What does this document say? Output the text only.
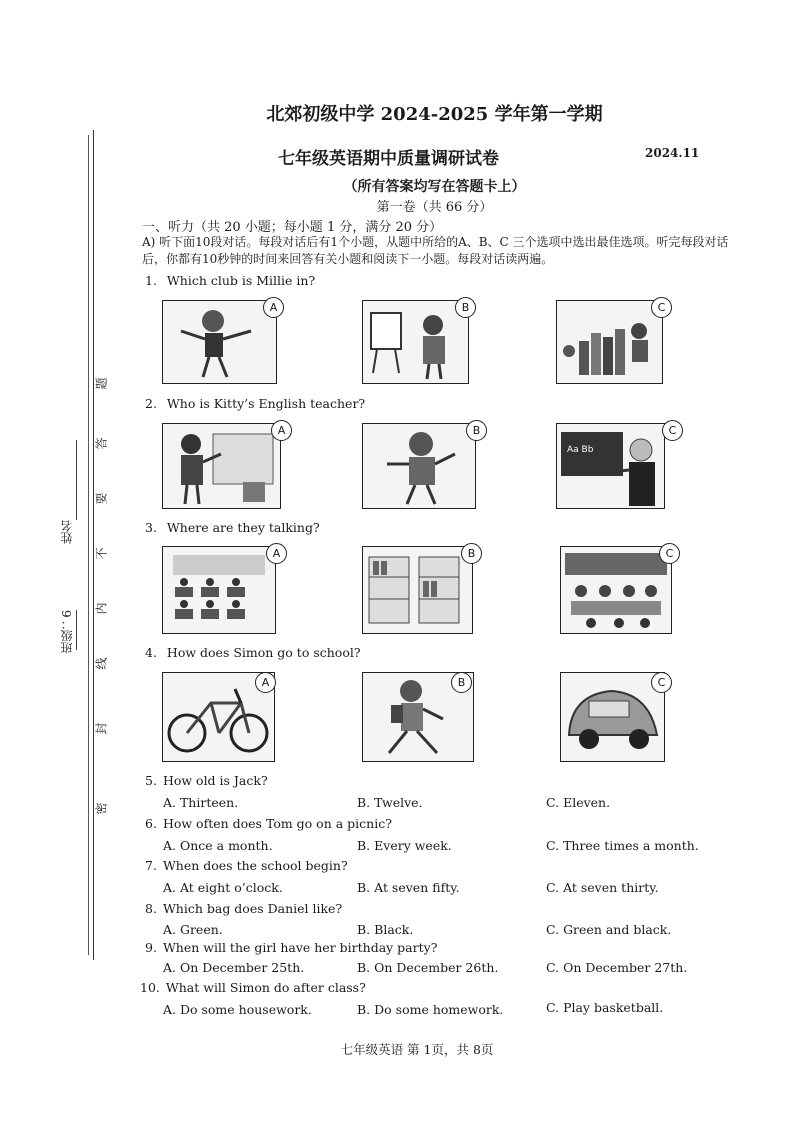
北郊初级中学 2024-2025 学年第一学期
七年级英语期中质量调研试卷	2024.11
（所有答案均写在答题卡上）
第一卷（共 66 分）
一、听力（共 20 小题；每小题 1 分，满分 20 分）
A) 听下面10段对话。每段对话后有1个小题，从题中所给的A、B、C 三个选项中选出最佳选项。听完每段对话后，你都有10秒钟的时间来回答有关小题和阅读下一小题。每段对话读两遍。
班级：6
姓名
密
封
线
内
不
要
答
题
1. Which club is Millie in?
A	B	C
2. Who is Kitty’s English teacher?
A	B
Aa Bb
C
3. Where are they talking?
A	B	C
4. How does Simon go to school?
A	B	C
5. How old is Jack?
A. Thirteen.	B. Twelve.	C. Eleven.
6. How often does Tom go on a picnic?
A. Once a month.	B. Every week.	C. Three times a month.
7. When does the school begin?
A. At eight o’clock.	B. At seven fifty.	C. At seven thirty.
8. Which bag does Daniel like?
A. Green.	B. Black.	C. Green and black.
9. When will the girl have her birthday party?
A. On December 25th.	B. On December 26th.	C. On December 27th.
10. What will Simon do after class?
A. Do some housework.	B. Do some homework.	C. Play basketball.
七年级英语 第 1页，共 8页
